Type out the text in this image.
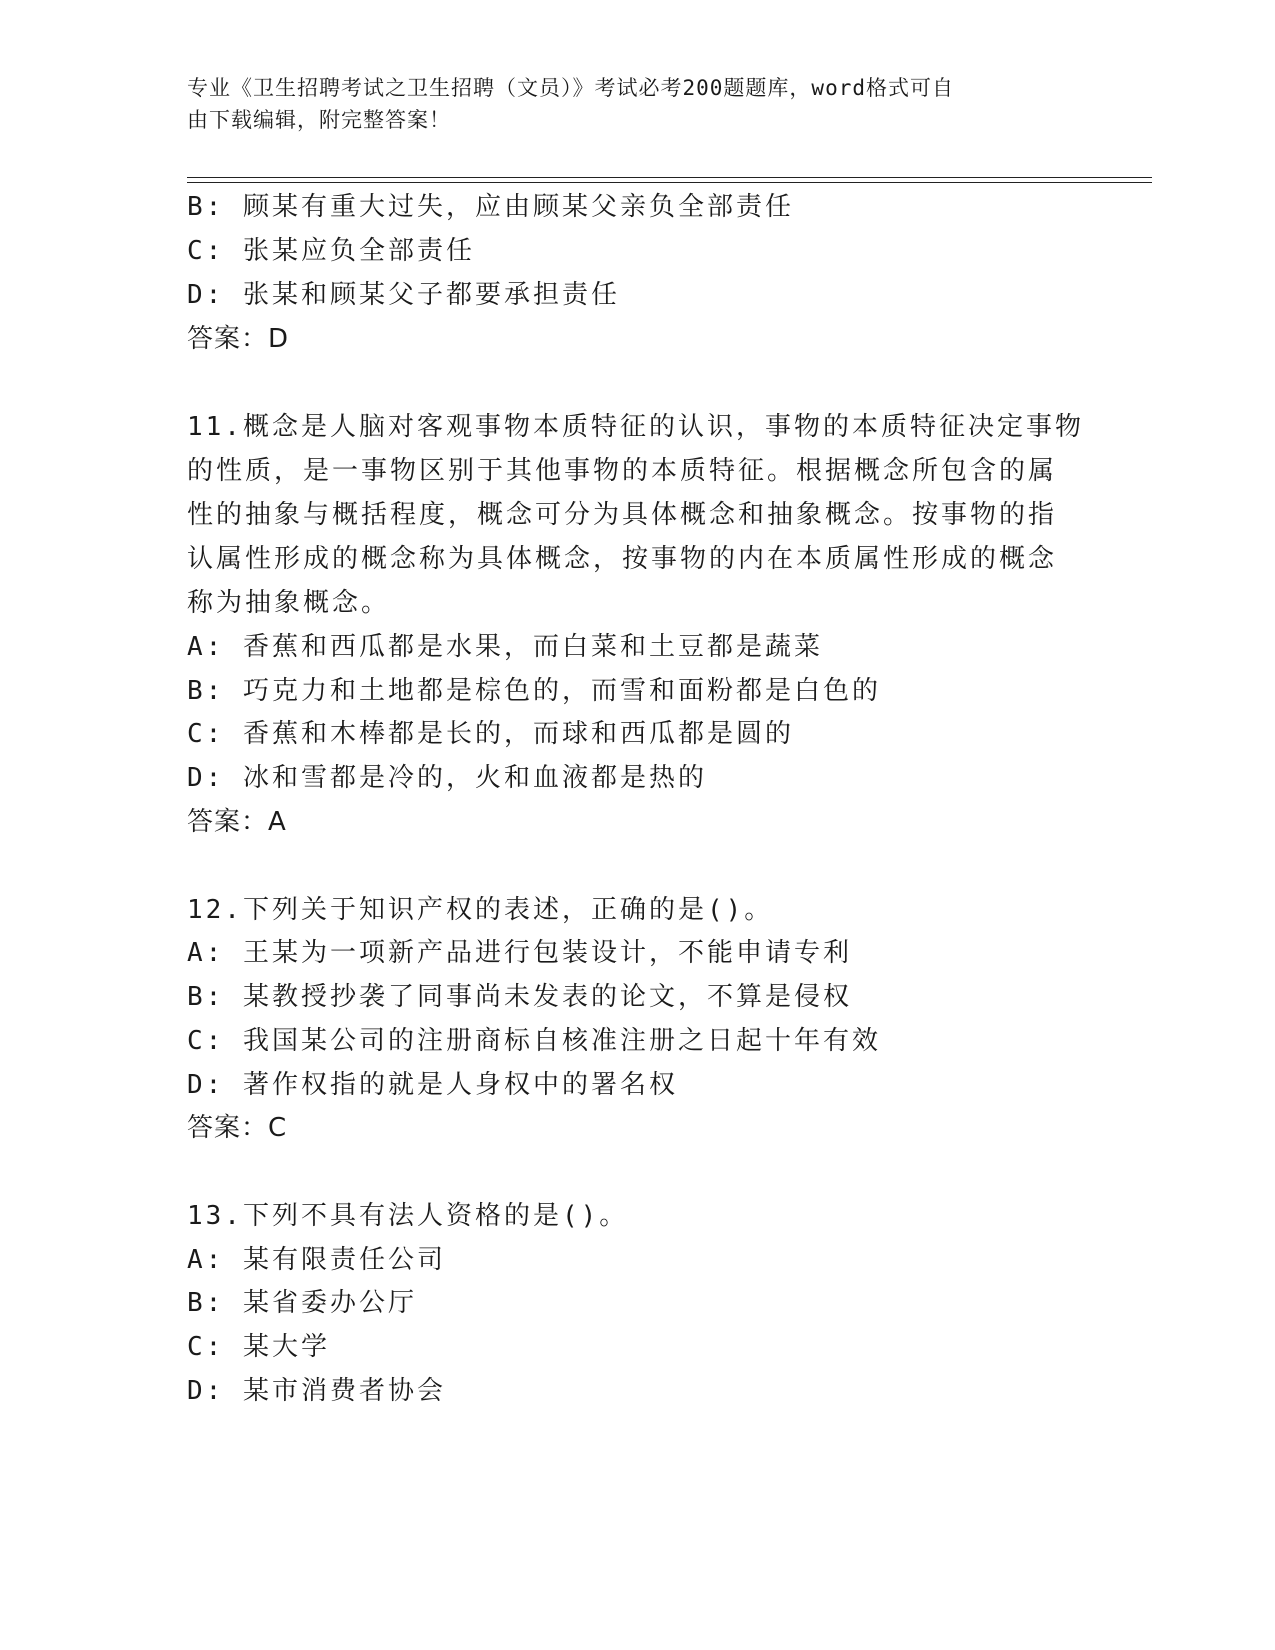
专业《卫生招聘考试之卫生招聘（文员）》考试必考200题题库，word格式可自
由下载编辑，附完整答案！
B: 顾某有重大过失，应由顾某父亲负全部责任
C: 张某应负全部责任
D: 张某和顾某父子都要承担责任
答案：D
11.概念是人脑对客观事物本质特征的认识，事物的本质特征决定事物
的性质，是一事物区别于其他事物的本质特征。根据概念所包含的属
性的抽象与概括程度，概念可分为具体概念和抽象概念。按事物的指
认属性形成的概念称为具体概念，按事物的内在本质属性形成的概念
称为抽象概念。
A: 香蕉和西瓜都是水果，而白菜和土豆都是蔬菜
B: 巧克力和土地都是棕色的，而雪和面粉都是白色的
C: 香蕉和木棒都是长的，而球和西瓜都是圆的
D: 冰和雪都是冷的，火和血液都是热的
答案：A
12.下列关于知识产权的表述，正确的是()。
A: 王某为一项新产品进行包装设计，不能申请专利
B: 某教授抄袭了同事尚未发表的论文，不算是侵权
C: 我国某公司的注册商标自核准注册之日起十年有效
D: 著作权指的就是人身权中的署名权
答案：C
13.下列不具有法人资格的是()。
A: 某有限责任公司
B: 某省委办公厅
C: 某大学
D: 某市消费者协会
